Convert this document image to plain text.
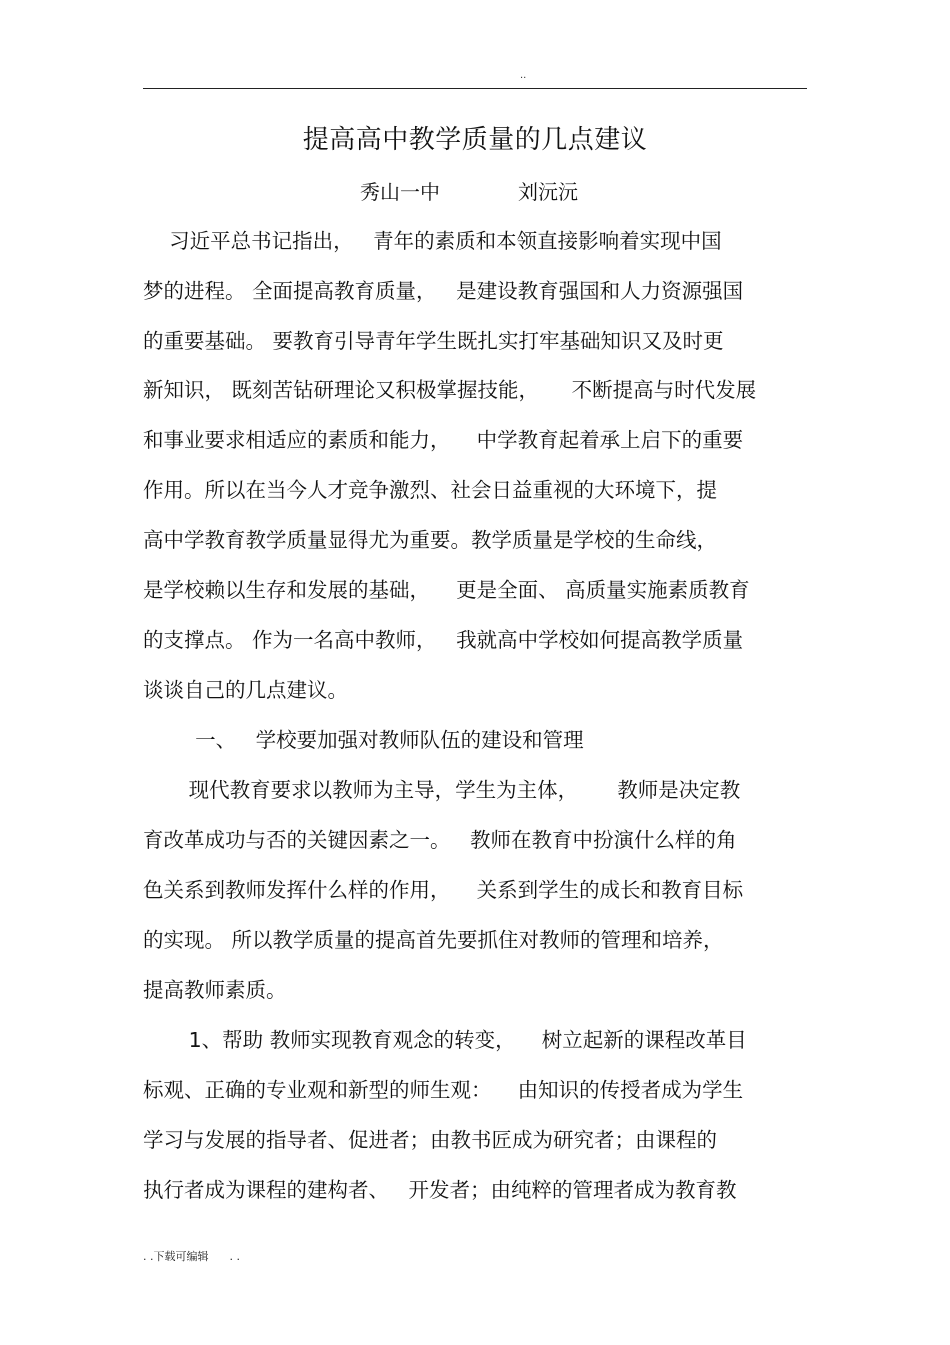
..
提高高中教学质量的几点建议
秀山一中	刘沅沅
习近平总书记指出，   青年的素质和本领直接影响着实现中国
梦的进程。 全面提高教育质量，   是建设教育强国和人力资源强国
的重要基础。 要教育引导青年学生既扎实打牢基础知识又及时更
新知识， 既刻苦钻研理论又积极掌握技能，     不断提高与时代发展
和事业要求相适应的素质和能力，    中学教育起着承上启下的重要
作用。所以在当今人才竞争激烈、社会日益重视的大环境下，提
高中学教育教学质量显得尤为重要。教学质量是学校的生命线，
是学校赖以生存和发展的基础，    更是全面、 高质量实施素质教育
的支撑点。 作为一名高中教师，   我就高中学校如何提高教学质量
谈谈自己的几点建议。
一、   学校要加强对教师队伍的建设和管理
现代教育要求以教师为主导，学生为主体，      教师是决定教
育改革成功与否的关键因素之一。   教师在教育中扮演什么样的角
色关系到教师发挥什么样的作用，    关系到学生的成长和教育目标
的实现。 所以教学质量的提高首先要抓住对教师的管理和培养，
提高教师素质。
1、帮助 教师实现教育观念的转变，    树立起新的课程改革目
标观、正确的专业观和新型的师生观：    由知识的传授者成为学生
学习与发展的指导者、促进者；由教书匠成为研究者；由课程的
执行者成为课程的建构者、   开发者；由纯粹的管理者成为教育教
. .下载可编辑      . .
